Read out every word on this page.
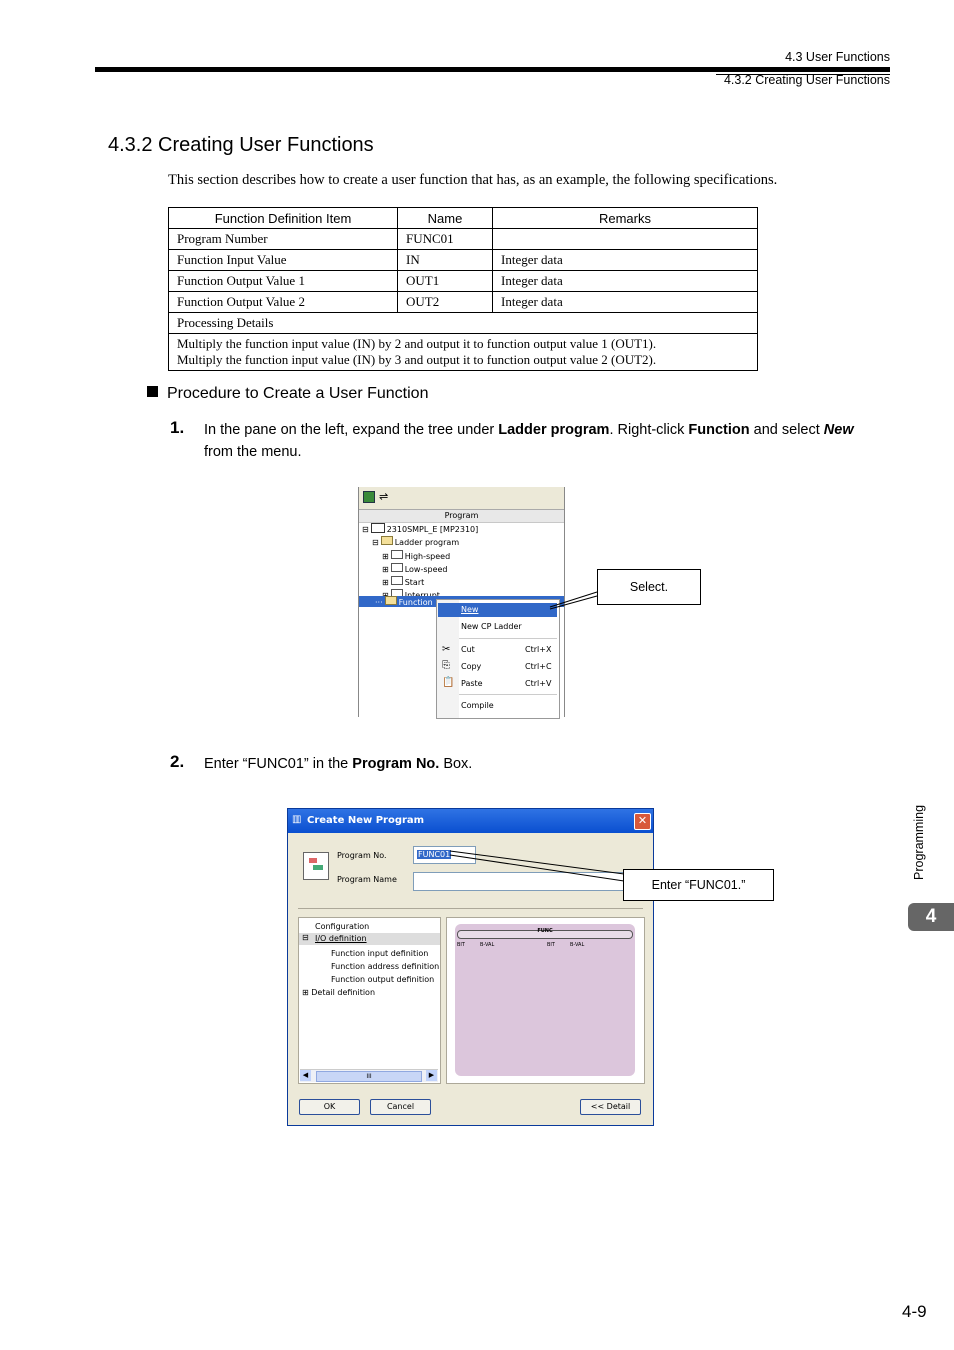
4.3 User Functions
4.3.2 Creating User Functions
4.3.2 Creating User Functions
This section describes how to create a user function that has, as an example, the following specifications.
Function Definition Item	Name	Remarks
Program Number	FUNC01	
Function Input Value	IN	Integer data
Function Output Value 1	OUT1	Integer data
Function Output Value 2	OUT2	Integer data
Processing Details		

Multiply the function input value (IN) by 2 and output it to function output value 1 (OUT1).
Multiply the function input value (IN) by 3 and output it to function output value 2 (OUT2).		
Procedure to Create a User Function
1. In the pane on the left, expand the tree under Ladder program. Right-click Function and select New
from the menu.
⇌
Program
⊟ 2310SMPL_E [MP2310]
⊟ Ladder program
⊞ High-speed
⊞ Low-speed
⊞ Start
··· Function
New
New CP Ladder
✂ Cut	Ctrl+X
⎘ Copy	Ctrl+C
📋 Paste	Ctrl+V
Compile
Select.
2. Enter “FUNC01” in the Program No. Box.
▥ Create New Program	✕
Program No.	FUNC01
Program Name
Configuration
⊟ I/O definition
Function input definition
Function address definition
Function output definition
⊞ Detail definition
◀	III	▶
FUNC
BIT	B-VAL	BIT	B-VAL
OK	Cancel	<< Detail
Enter “FUNC01.”
Programming
4
4-9
